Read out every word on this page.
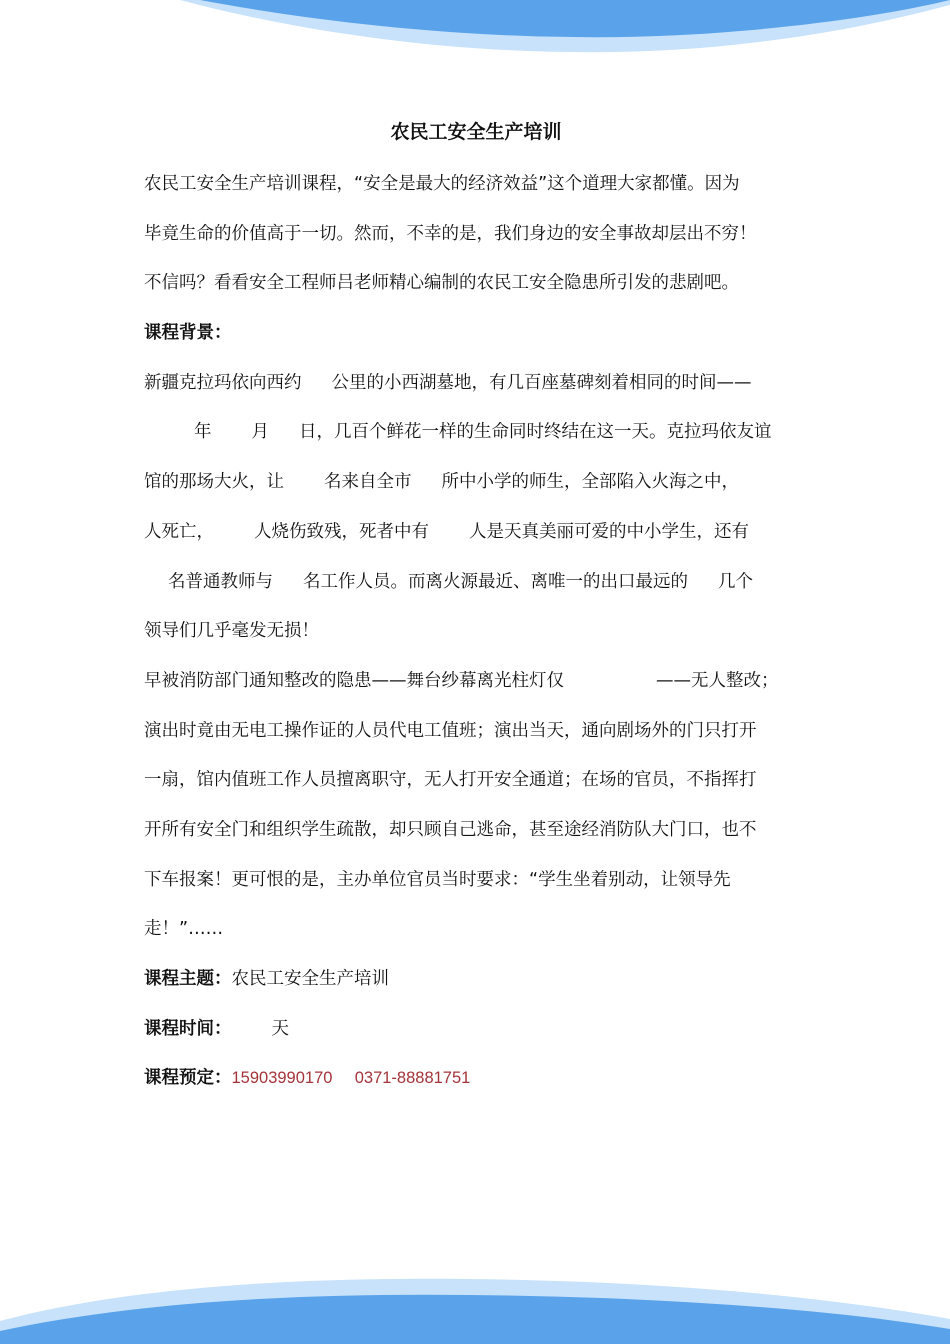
农民工安全生产培训
农民工安全生产培训课程，“安全是最大的经济效益”这个道理大家都懂。因为
毕竟生命的价值高于一切。然而，不幸的是，我们身边的安全事故却层出不穷！
不信吗？看看安全工程师吕老师精心编制的农民工安全隐患所引发的悲剧吧。
课程背景：
新疆克拉玛依向西约 公里的小西湖墓地，有几百座墓碑刻着相同的时间——
年 月 日，几百个鲜花一样的生命同时终结在这一天。克拉玛依友谊
馆的那场大火，让 名来自全市 所中小学的师生，全部陷入火海之中，
人死亡， 人烧伤致残，死者中有 人是天真美丽可爱的中小学生，还有
名普通教师与 名工作人员。而离火源最近、离唯一的出口最远的 几个
领导们几乎毫发无损！
早被消防部门通知整改的隐患——舞台纱幕离光柱灯仅	——无人整改；
演出时竟由无电工操作证的人员代电工值班；演出当天，通向剧场外的门只打开
一扇，馆内值班工作人员擅离职守，无人打开安全通道；在场的官员，不指挥打
开所有安全门和组织学生疏散，却只顾自己逃命，甚至途经消防队大门口，也不
下车报案！更可恨的是，主办单位官员当时要求：“学生坐着别动，让领导先
走！”……
课程主题：农民工安全生产培训
课程时间： 天
课程预定：15903990170 0371-88881751
